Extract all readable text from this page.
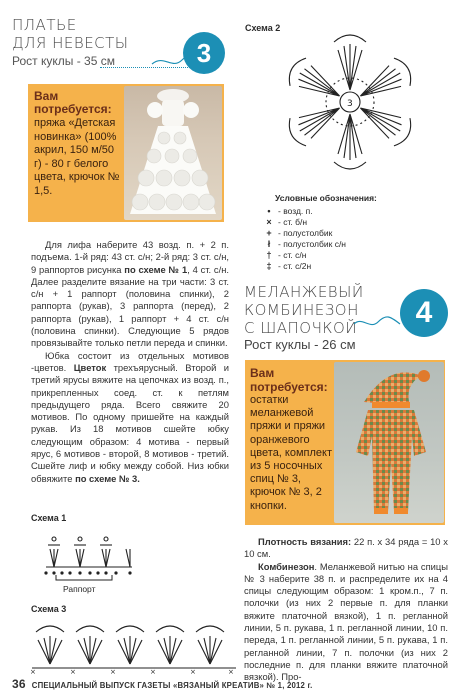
ПЛАТЬЕ
ДЛЯ НЕВЕСТЫ
Рост куклы - 35 см	3
Вам потребуется:
пряжа «Детская новинка» (100% акрил, 150 м/50 г) - 80 г белого цвета, крючок № 1,5.

Для лифа наберите 43 возд. п. + 2 п. подъема. 1-й ряд: 43 ст. с/н; 2-й ряд: 3 ст. с/н, 9 раппортов рисунка по схеме № 1, 4 ст. с/н. Далее разделите вязание на три части: 3 ст. с/н + 1 раппорт (половина спинки), 2 раппорта (рукав), 3 раппорта (перед), 2 раппорта (рукав), 1 раппорт + 4 ст. с/н (половина спинки). Следующие 5 рядов провязывайте только петли переда и спинки.

Юбка состоит из отдельных мотивов -цветов. Цветок трехъярусный. Второй и третий ярусы вяжите на цепочках из возд. п., прикрепленных соед. ст. к петлям предыдущего ряда. Всего свяжите 20 мотивов. По одному пришейте на каждый рукав. Из 18 мотивов сшейте юбку следующим образом: 4 мотива - первый ярус, 6 мотивов - второй, 8 мотивов - третий. Сшейте лиф и юбку между собой. Низ юбки обвяжите по схеме № 3.

Схема 1
Раппорт
Схема 3
×	×	×	×	×	×
Схема 2
3
Условные обозначения:
• - возд. п.
× - ст. б/н
+ - полустолбик
ł - полустолбик с/н
† - ст. с/н
‡ - ст. с/2н
МЕЛАНЖЕВЫЙ
КОМБИНЕЗОН
С ШАПОЧКОЙ	4
Рост куклы - 26 см
Вам потребуется:
остатки меланжевой пряжи и пряжи оранжевого цвета, комплект из 5 носочных спиц № 3, крючок № 3, 2 кнопки.

Плотность вязания: 22 п. х 34 ряда = 10 х 10 см.

Комбинезон. Меланжевой нитью на спицы № 3 наберите 38 п. и распределите их на 4 спицы следующим образом: 1 кром.п., 7 п. полочки (из них 2 первые п. для планки вяжите платочной вязкой), 1 п. регланной линии, 5 п. рукава, 1 п. регланной линии, 10 п. переда, 1 п. регланной линии, 5 п. рукава, 1 п. регланной линии, 7 п. полочки (из них 2 последние п. для планки вяжите платочной вязкой). Про-

36 СПЕЦИАЛЬНЫЙ ВЫПУСК ГАЗЕТЫ «ВЯЗАНЫЙ КРЕАТИВ» № 1, 2012 г.
